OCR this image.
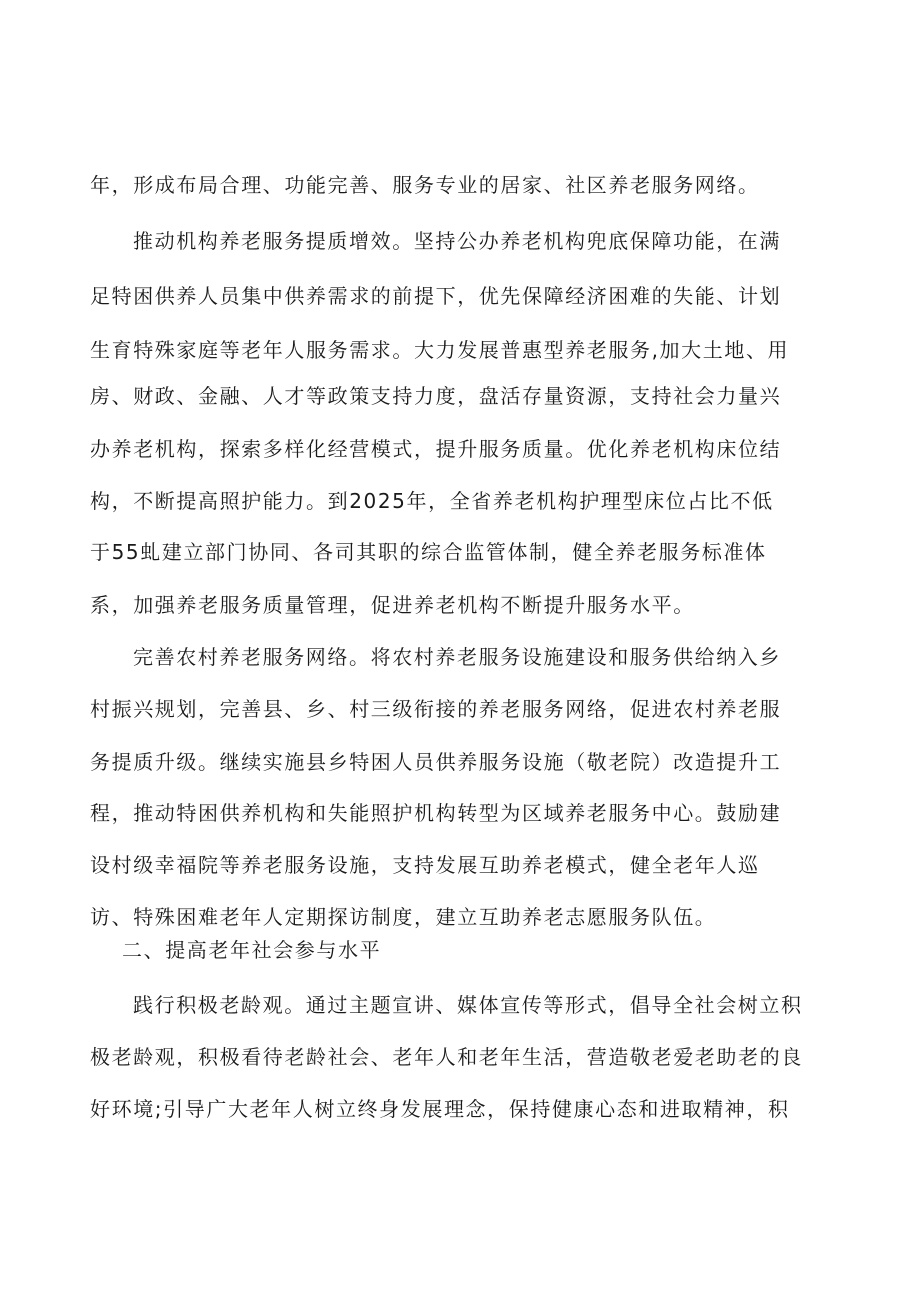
年，形成布局合理、功能完善、服务专业的居家、社区养老服务网络。
推动机构养老服务提质增效。坚持公办养老机构兜底保障功能，在满
足特困供养人员集中供养需求的前提下，优先保障经济困难的失能、计划
生育特殊家庭等老年人服务需求。大力发展普惠型养老服务,加大土地、用
房、财政、金融、人才等政策支持力度，盘活存量资源，支持社会力量兴
办养老机构，探索多样化经营模式，提升服务质量。优化养老机构床位结
构，不断提高照护能力。到2025年，全省养老机构护理型床位占比不低
于55虬建立部门协同、各司其职的综合监管体制，健全养老服务标准体
系，加强养老服务质量管理，促进养老机构不断提升服务水平。
完善农村养老服务网络。将农村养老服务设施建设和服务供给纳入乡
村振兴规划，完善县、乡、村三级衔接的养老服务网络，促进农村养老服
务提质升级。继续实施县乡特困人员供养服务设施（敬老院）改造提升工
程，推动特困供养机构和失能照护机构转型为区域养老服务中心。鼓励建
设村级幸福院等养老服务设施，支持发展互助养老模式，健全老年人巡
访、特殊困难老年人定期探访制度，建立互助养老志愿服务队伍。
二、提高老年社会参与水平
践行积极老龄观。通过主题宣讲、媒体宣传等形式，倡导全社会树立积
极老龄观，积极看待老龄社会、老年人和老年生活，营造敬老爱老助老的良
好环境;引导广大老年人树立终身发展理念，保持健康心态和进取精神，积
